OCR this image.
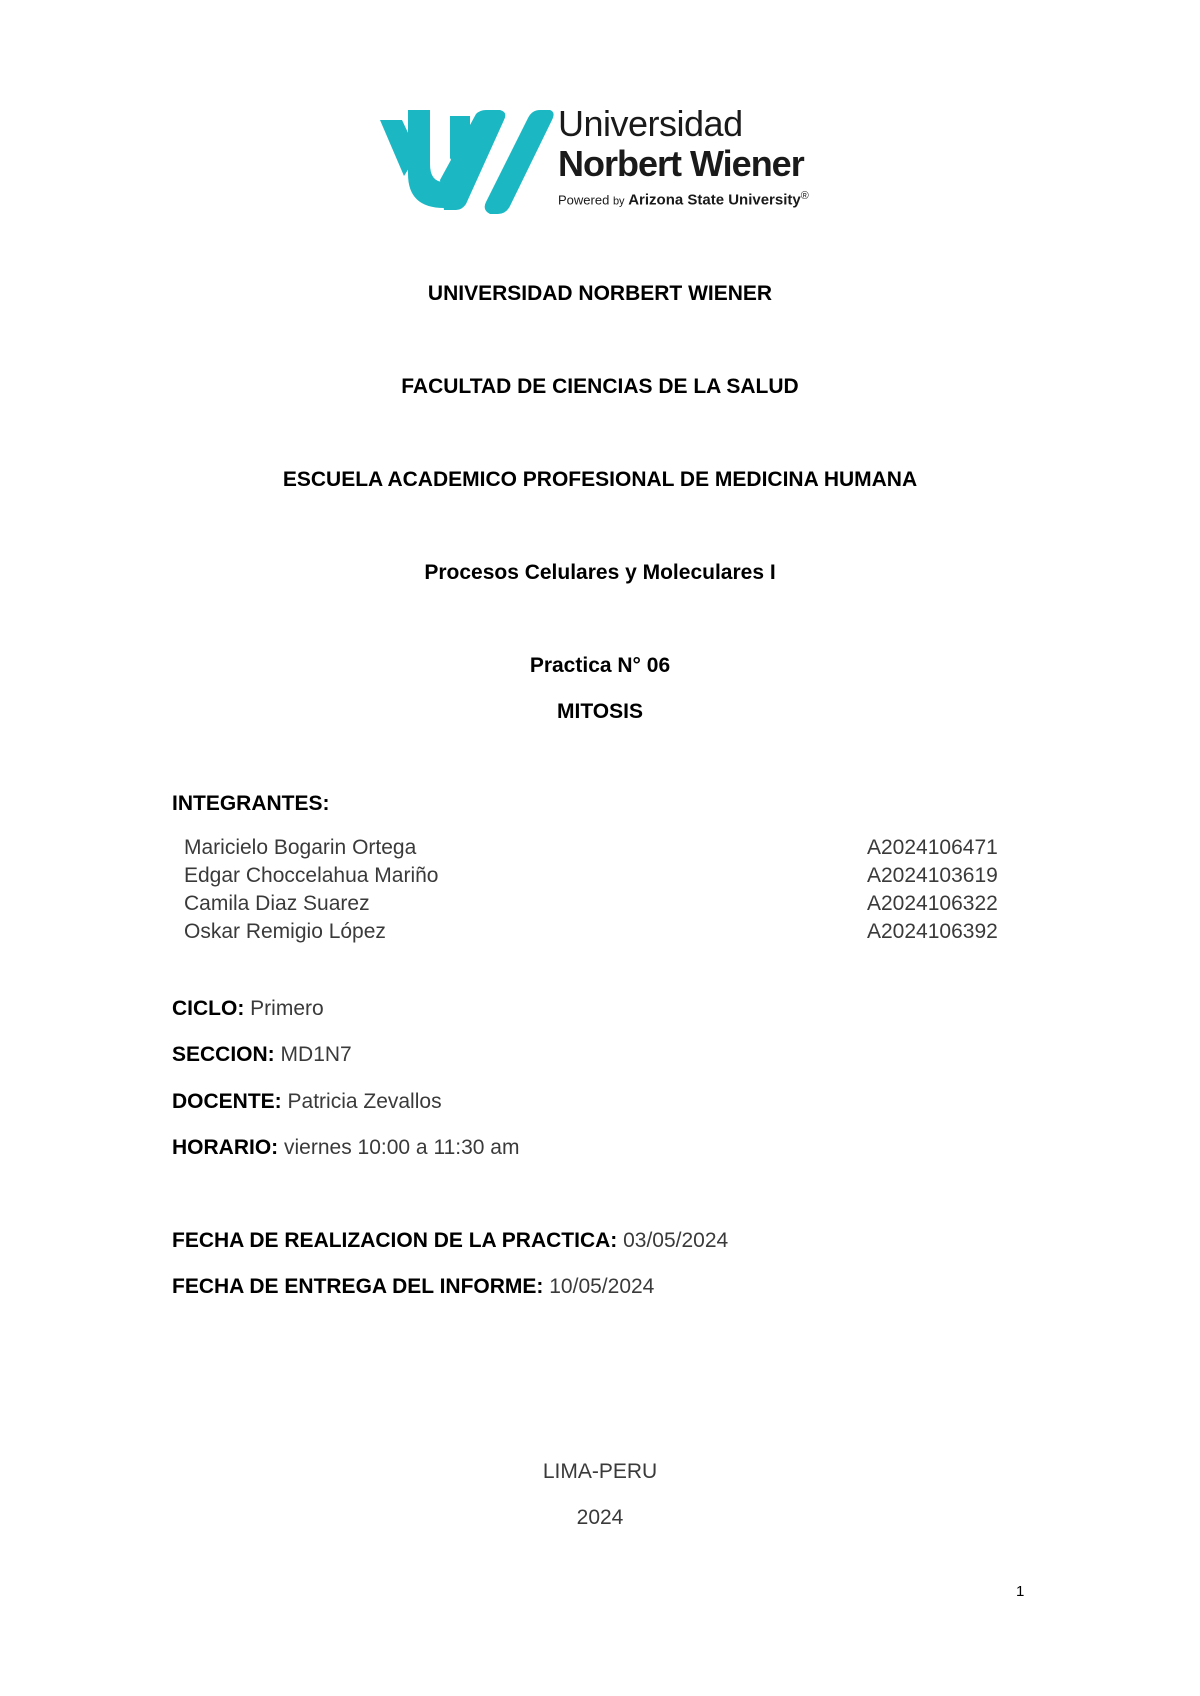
Universidad
Norbert Wiener
Powered by Arizona State University®
UNIVERSIDAD NORBERT WIENER
FACULTAD DE CIENCIAS DE LA SALUD
ESCUELA ACADEMICO PROFESIONAL DE MEDICINA HUMANA
Procesos Celulares y Moleculares I
Practica N° 06
MITOSIS
INTEGRANTES:
Maricielo Bogarin Ortega	A2024106471
Edgar Choccelahua Mariño	A2024103619
Camila Diaz Suarez	A2024106322
Oskar Remigio López	A2024106392
CICLO: Primero
SECCION: MD1N7
DOCENTE: Patricia Zevallos
HORARIO: viernes 10:00 a 11:30 am
FECHA DE REALIZACION DE LA PRACTICA: 03/05/2024
FECHA DE ENTREGA DEL INFORME: 10/05/2024
LIMA-PERU
2024
1
